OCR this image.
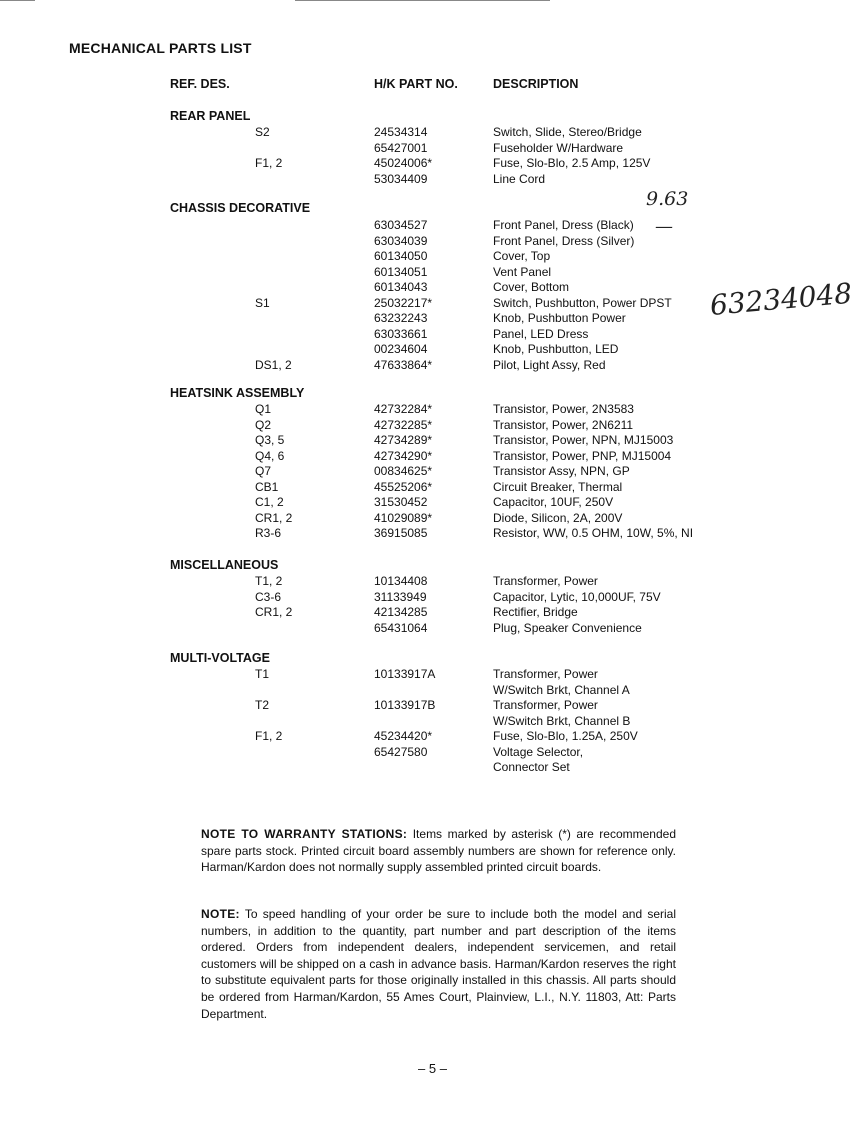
MECHANICAL PARTS LIST
REF. DES.	H/K PART NO.	DESCRIPTION
REAR PANEL
S2	24534314	Switch, Slide, Stereo/Bridge
65427001	Fuseholder W/Hardware
F1, 2	45024006*	Fuse, Slo-Blo, 2.5 Amp, 125V
53034409	Line Cord
CHASSIS DECORATIVE
63034527	Front Panel, Dress (Black)
63034039	Front Panel, Dress (Silver)
60134050	Cover, Top
60134051	Vent Panel
60134043	Cover, Bottom
S1	25032217*	Switch, Pushbutton, Power DPST
63232243	Knob, Pushbutton Power
63033661	Panel, LED Dress
00234604	Knob, Pushbutton, LED
DS1, 2	47633864*	Pilot, Light Assy, Red
HEATSINK ASSEMBLY
Q1	42732284*	Transistor, Power, 2N3583
Q2	42732285*	Transistor, Power, 2N6211
Q3, 5	42734289*	Transistor, Power, NPN, MJ15003
Q4, 6	42734290*	Transistor, Power, PNP, MJ15004
Q7	00834625*	Transistor Assy, NPN, GP
CB1	45525206*	Circuit Breaker, Thermal
C1, 2	31530452	Capacitor, 10UF, 250V
CR1, 2	41029089*	Diode, Silicon, 2A, 200V
R3-6	36915085	Resistor, WW, 0.5 OHM, 10W, 5%, NI
MISCELLANEOUS
T1, 2	10134408	Transformer, Power
C3-6	31133949	Capacitor, Lytic, 10,000UF, 75V
CR1, 2	42134285	Rectifier, Bridge
65431064	Plug, Speaker Convenience
MULTI-VOLTAGE
T1	10133917A	Transformer, Power
W/Switch Brkt, Channel A
T2	10133917B	Transformer, Power
W/Switch Brkt, Channel B
F1, 2	45234420*	Fuse, Slo-Blo, 1.25A, 250V
65427580	Voltage Selector,
Connector Set
9.63
—
63234048
NOTE TO WARRANTY STATIONS: Items marked by asterisk (*) are recommended spare parts stock. Printed circuit board assembly numbers are shown for reference only. Harman/Kardon does not normally supply assembled printed circuit boards.
NOTE: To speed handling of your order be sure to include both the model and serial numbers, in addition to the quantity, part number and part description of the items ordered. Orders from independent dealers, independent servicemen, and retail customers will be shipped on a cash in advance basis. Harman/Kardon reserves the right to substitute equivalent parts for those originally installed in this chassis. All parts should be ordered from Harman/Kardon, 55 Ames Court, Plainview, L.I., N.Y. 11803, Att: Parts Department.
– 5 –
